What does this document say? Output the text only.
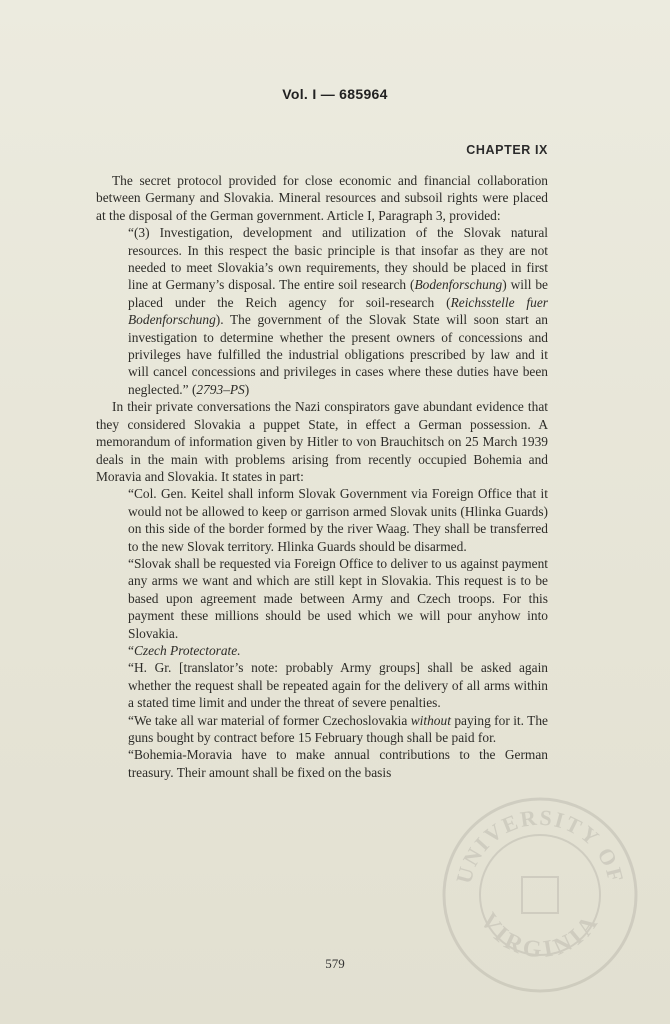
Vol. I — 685964
CHAPTER IX

The secret protocol provided for close economic and financial collaboration between Germany and Slovakia. Mineral resources and subsoil rights were placed at the disposal of the German government. Article I, Paragraph 3, provided:

“(3) Investigation, development and utilization of the Slovak natural resources. In this respect the basic principle is that insofar as they are not needed to meet Slovakia’s own requirements, they should be placed in first line at Germany’s disposal. The entire soil research (Bodenforschung) will be placed under the Reich agency for soil-research (Reichsstelle fuer Bodenforschung). The government of the Slovak State will soon start an investigation to determine whether the present owners of concessions and privileges have fulfilled the industrial obligations prescribed by law and it will cancel concessions and privileges in cases where these duties have been neglected.” (2793–PS)

In their private conversations the Nazi conspirators gave abundant evidence that they considered Slovakia a puppet State, in effect a German possession. A memorandum of information given by Hitler to von Brauchitsch on 25 March 1939 deals in the main with problems arising from recently occupied Bohemia and Moravia and Slovakia. It states in part:

“Col. Gen. Keitel shall inform Slovak Government via Foreign Office that it would not be allowed to keep or garrison armed Slovak units (Hlinka Guards) on this side of the border formed by the river Waag. They shall be transferred to the new Slovak territory. Hlinka Guards should be disarmed.

“Slovak shall be requested via Foreign Office to deliver to us against payment any arms we want and which are still kept in Slovakia. This request is to be based upon agreement made between Army and Czech troops. For this payment these millions should be used which we will pour anyhow into Slovakia.

“Czech Protectorate.

“H. Gr. [translator’s note: probably Army groups] shall be asked again whether the request shall be repeated again for the delivery of all arms within a stated time limit and under the threat of severe penalties.

“We take all war material of former Czechoslovakia without paying for it. The guns bought by contract before 15 February though shall be paid for.

“Bohemia-Moravia have to make annual contributions to the German treasury. Their amount shall be fixed on the basis

579
UNIVERSITY OF
VIRGINIA
